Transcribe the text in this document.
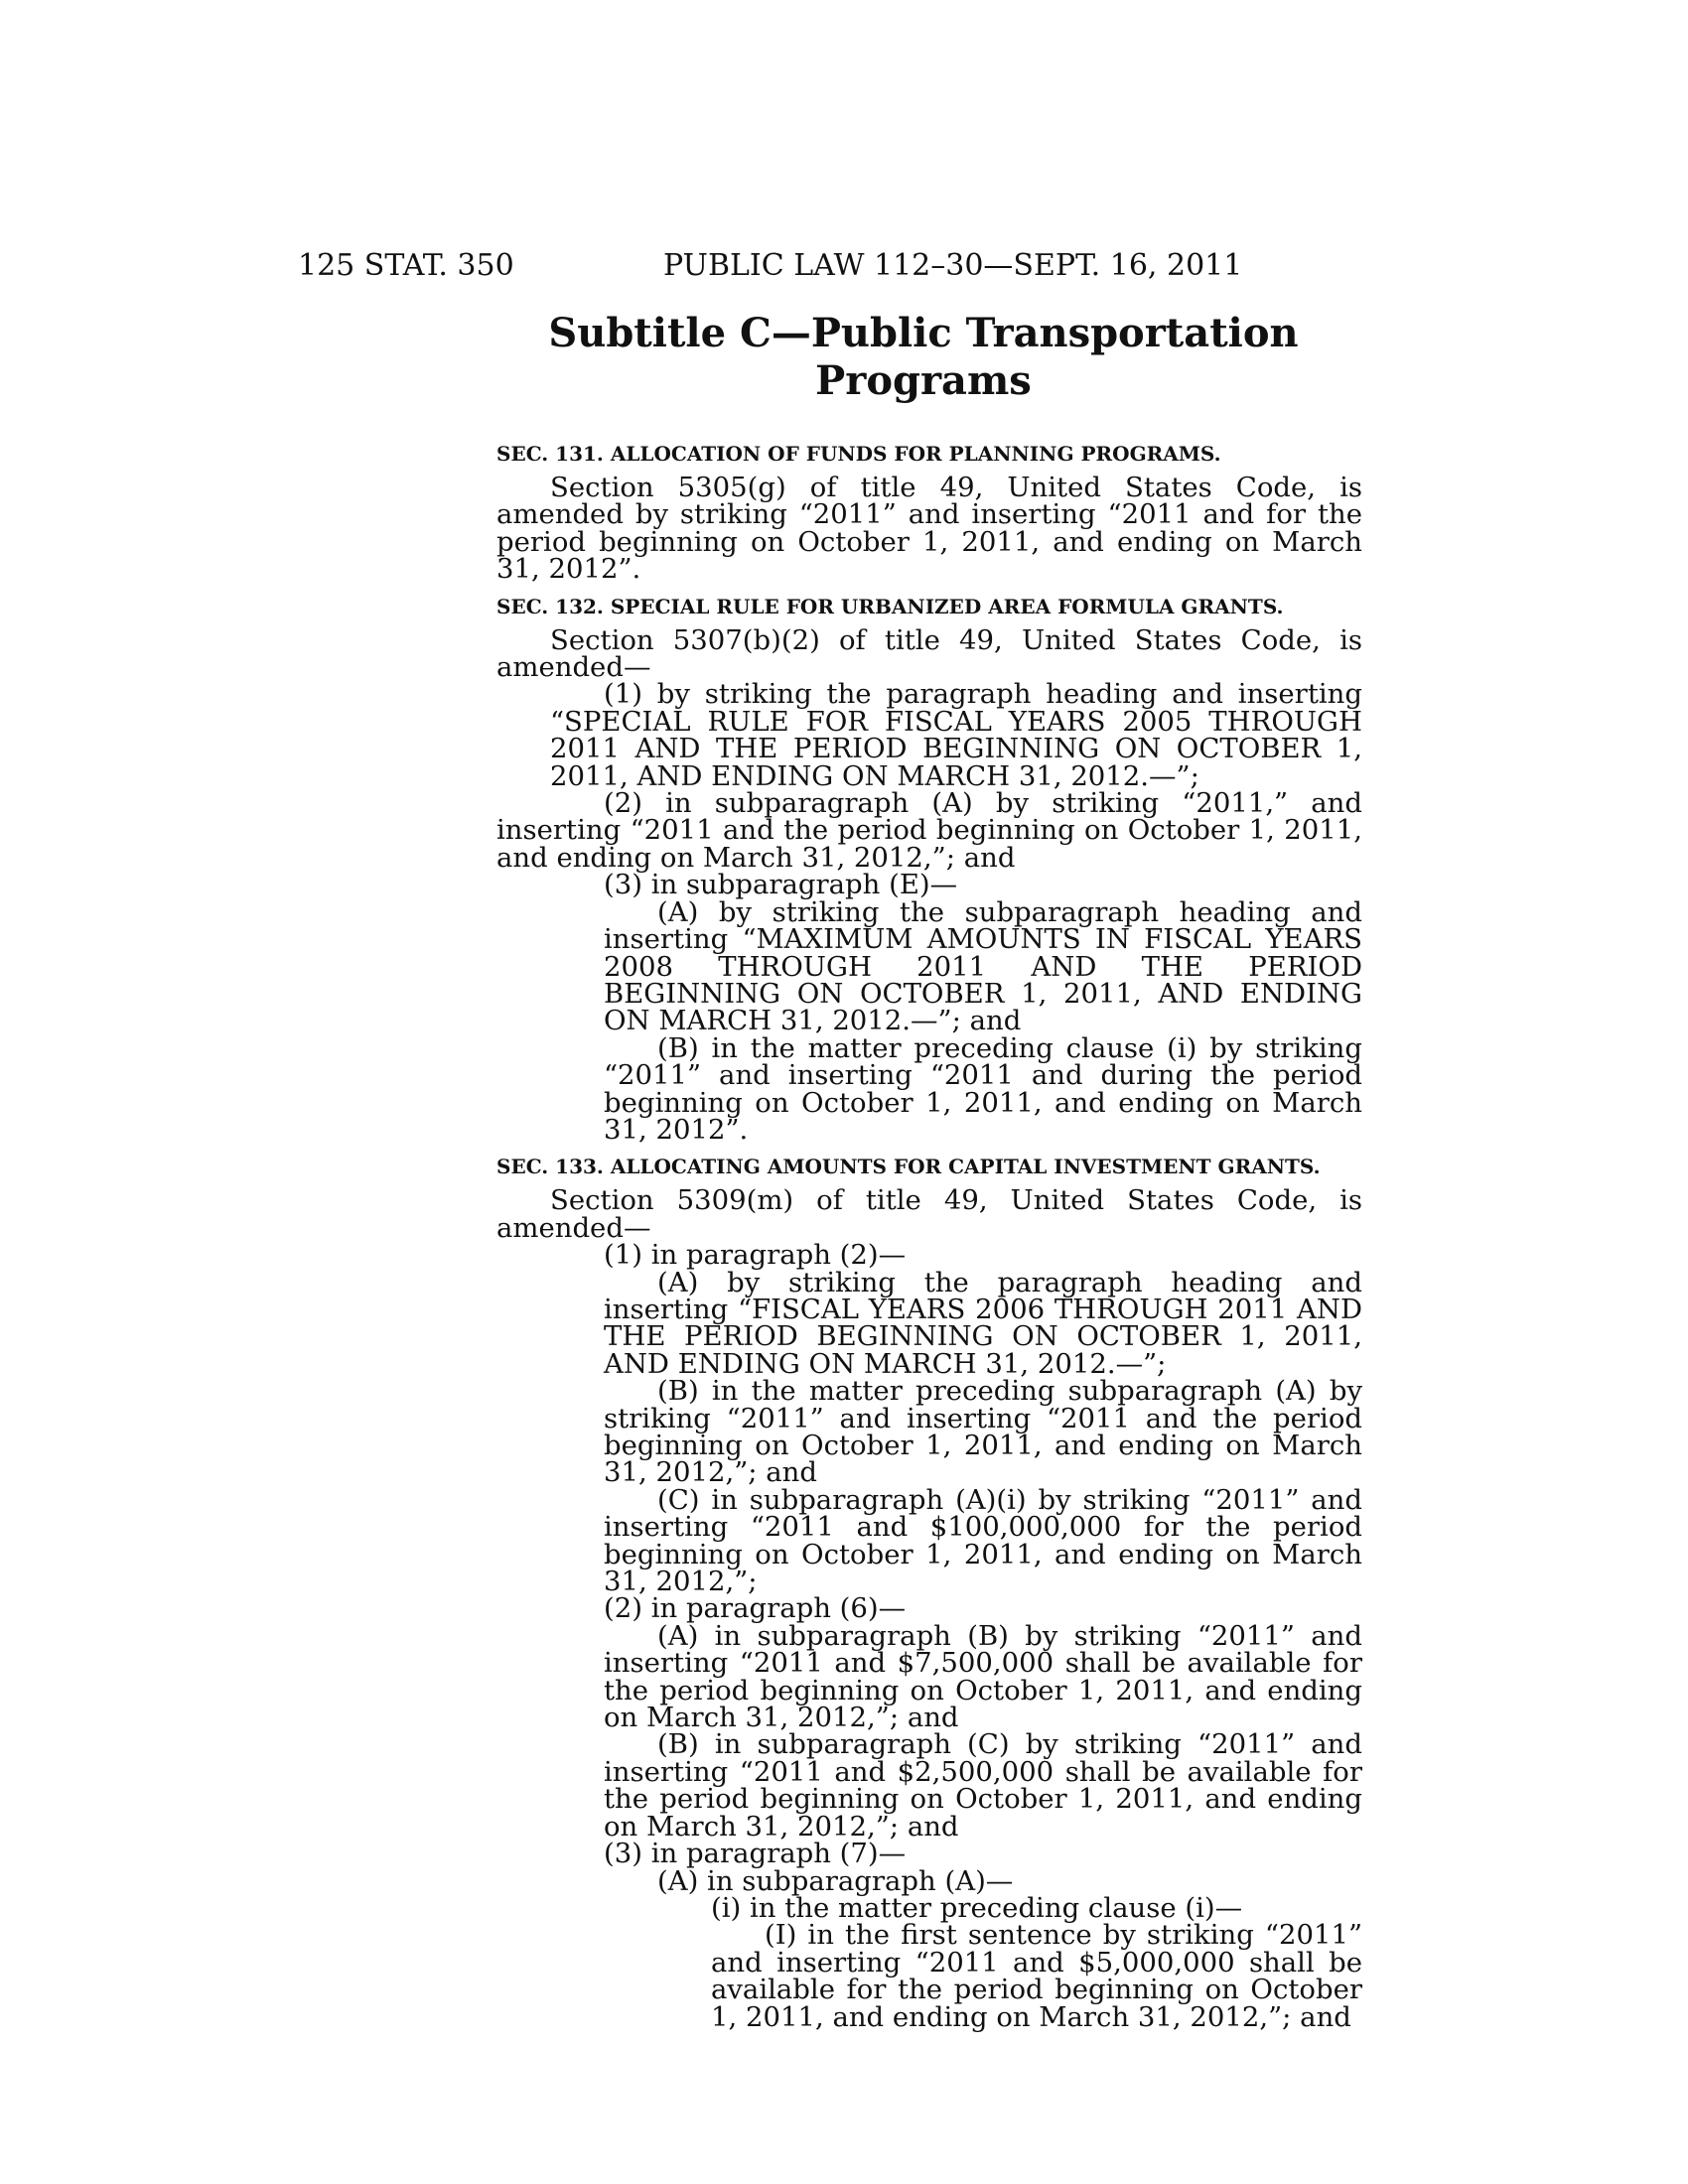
125 STAT. 350	PUBLIC LAW 112–30—SEPT. 16, 2011
Subtitle C—Public Transportation
Programs
SEC. 131. ALLOCATION OF FUNDS FOR PLANNING PROGRAMS.

Section 5305(g) of title 49, United States Code, is amended by striking “2011” and inserting “2011 and for the period beginning on October 1, 2011, and ending on March 31, 2012”.

SEC. 132. SPECIAL RULE FOR URBANIZED AREA FORMULA GRANTS.

Section 5307(b)(2) of title 49, United States Code, is amended—

(1) by striking the paragraph heading and inserting “SPECIAL RULE FOR FISCAL YEARS 2005 THROUGH 2011 AND THE PERIOD BEGINNING ON OCTOBER 1, 2011, AND ENDING ON MARCH 31, 2012.—”;

(2) in subparagraph (A) by striking “2011,” and inserting “2011 and the period beginning on October 1, 2011, and ending on March 31, 2012,”; and

(3) in subparagraph (E)—

(A) by striking the subparagraph heading and inserting “MAXIMUM AMOUNTS IN FISCAL YEARS 2008 THROUGH 2011 AND THE PERIOD BEGINNING ON OCTOBER 1, 2011, AND ENDING ON MARCH 31, 2012.—”; and

(B) in the matter preceding clause (i) by striking “2011” and inserting “2011 and during the period beginning on October 1, 2011, and ending on March 31, 2012”.

SEC. 133. ALLOCATING AMOUNTS FOR CAPITAL INVESTMENT GRANTS.

Section 5309(m) of title 49, United States Code, is amended—

(1) in paragraph (2)—

(A) by striking the paragraph heading and inserting “FISCAL YEARS 2006 THROUGH 2011 AND THE PERIOD BEGINNING ON OCTOBER 1, 2011, AND ENDING ON MARCH 31, 2012.—”;

(B) in the matter preceding subparagraph (A) by striking “2011” and inserting “2011 and the period beginning on October 1, 2011, and ending on March 31, 2012,”; and

(C) in subparagraph (A)(i) by striking “2011” and inserting “2011 and $100,000,000 for the period beginning on October 1, 2011, and ending on March 31, 2012,”;

(2) in paragraph (6)—

(A) in subparagraph (B) by striking “2011” and inserting “2011 and $7,500,000 shall be available for the period beginning on October 1, 2011, and ending on March 31, 2012,”; and

(B) in subparagraph (C) by striking “2011” and inserting “2011 and $2,500,000 shall be available for the period beginning on October 1, 2011, and ending on March 31, 2012,”; and

(3) in paragraph (7)—

(A) in subparagraph (A)—

(i) in the matter preceding clause (i)—

(I) in the first sentence by striking “2011” and inserting “2011 and $5,000,000 shall be available for the period beginning on October 1, 2011, and ending on March 31, 2012,”; and
